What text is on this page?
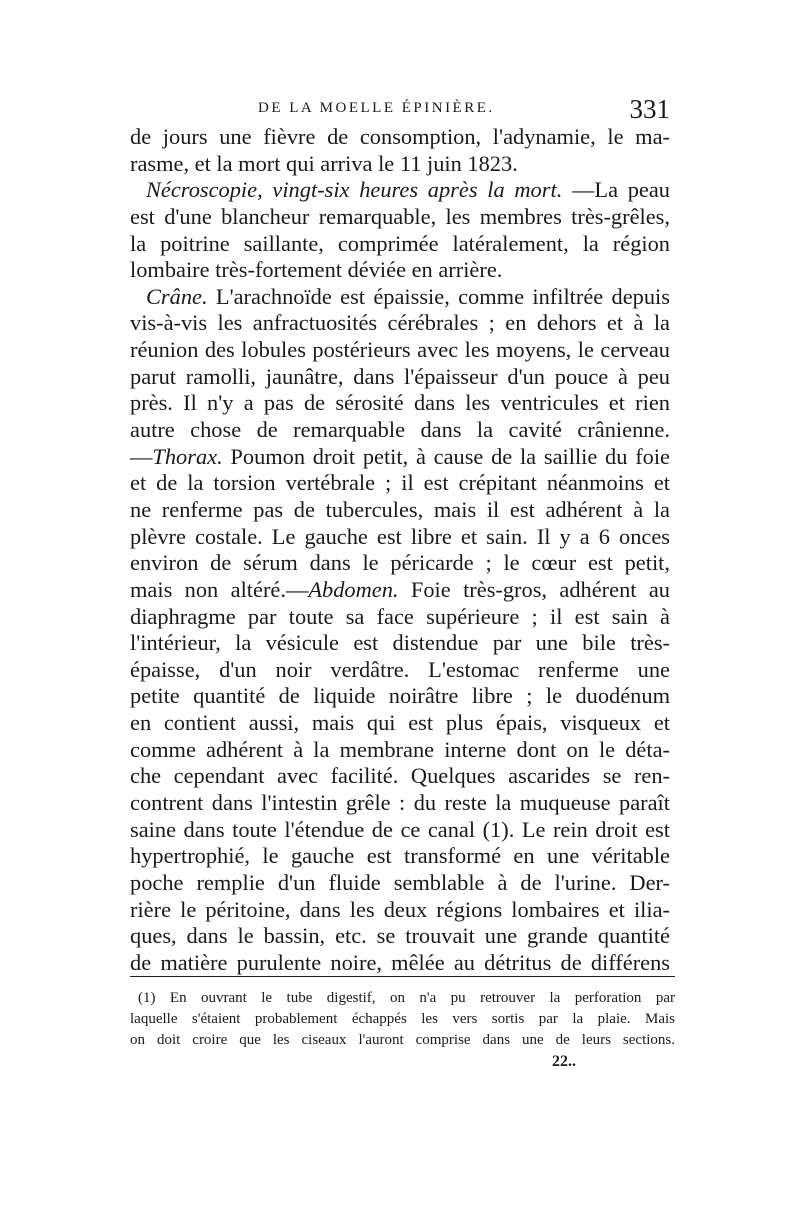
DE LA MOELLE ÉPINIÈRE.	331
de jours une fièvre de consomption, l'adynamie, le ma-
rasme, et la mort qui arriva le 11 juin 1823.
Nécroscopie, vingt-six heures après la mort. —La peau
est d'une blancheur remarquable, les membres très-grêles,
la poitrine saillante, comprimée latéralement, la région
lombaire très-fortement déviée en arrière.
Crâne. L'arachnoïde est épaissie, comme infiltrée depuis
vis-à-vis les anfractuosités cérébrales ; en dehors et à la
réunion des lobules postérieurs avec les moyens, le cerveau
parut ramolli, jaunâtre, dans l'épaisseur d'un pouce à peu
près. Il n'y a pas de sérosité dans les ventricules et rien
autre chose de remarquable dans la cavité crânienne.
—Thorax. Poumon droit petit, à cause de la saillie du foie
et de la torsion vertébrale ; il est crépitant néanmoins et
ne renferme pas de tubercules, mais il est adhérent à la
plèvre costale. Le gauche est libre et sain. Il y a 6 onces
environ de sérum dans le péricarde ; le cœur est petit,
mais non altéré.—Abdomen. Foie très-gros, adhérent au
diaphragme par toute sa face supérieure ; il est sain à
l'intérieur, la vésicule est distendue par une bile très-
épaisse, d'un noir verdâtre. L'estomac renferme une
petite quantité de liquide noirâtre libre ; le duodénum
en contient aussi, mais qui est plus épais, visqueux et
comme adhérent à la membrane interne dont on le déta-
che cependant avec facilité. Quelques ascarides se ren-
contrent dans l'intestin grêle : du reste la muqueuse paraît
saine dans toute l'étendue de ce canal (1). Le rein droit est
hypertrophié, le gauche est transformé en une véritable
poche remplie d'un fluide semblable à de l'urine. Der-
rière le péritoine, dans les deux régions lombaires et ilia-
ques, dans le bassin, etc. se trouvait une grande quantité
de matière purulente noire, mêlée au détritus de différens
(1) En ouvrant le tube digestif, on n'a pu retrouver la perforation par
laquelle s'étaient probablement échappés les vers sortis par la plaie. Mais
on doit croire que les ciseaux l'auront comprise dans une de leurs sections.
22..
